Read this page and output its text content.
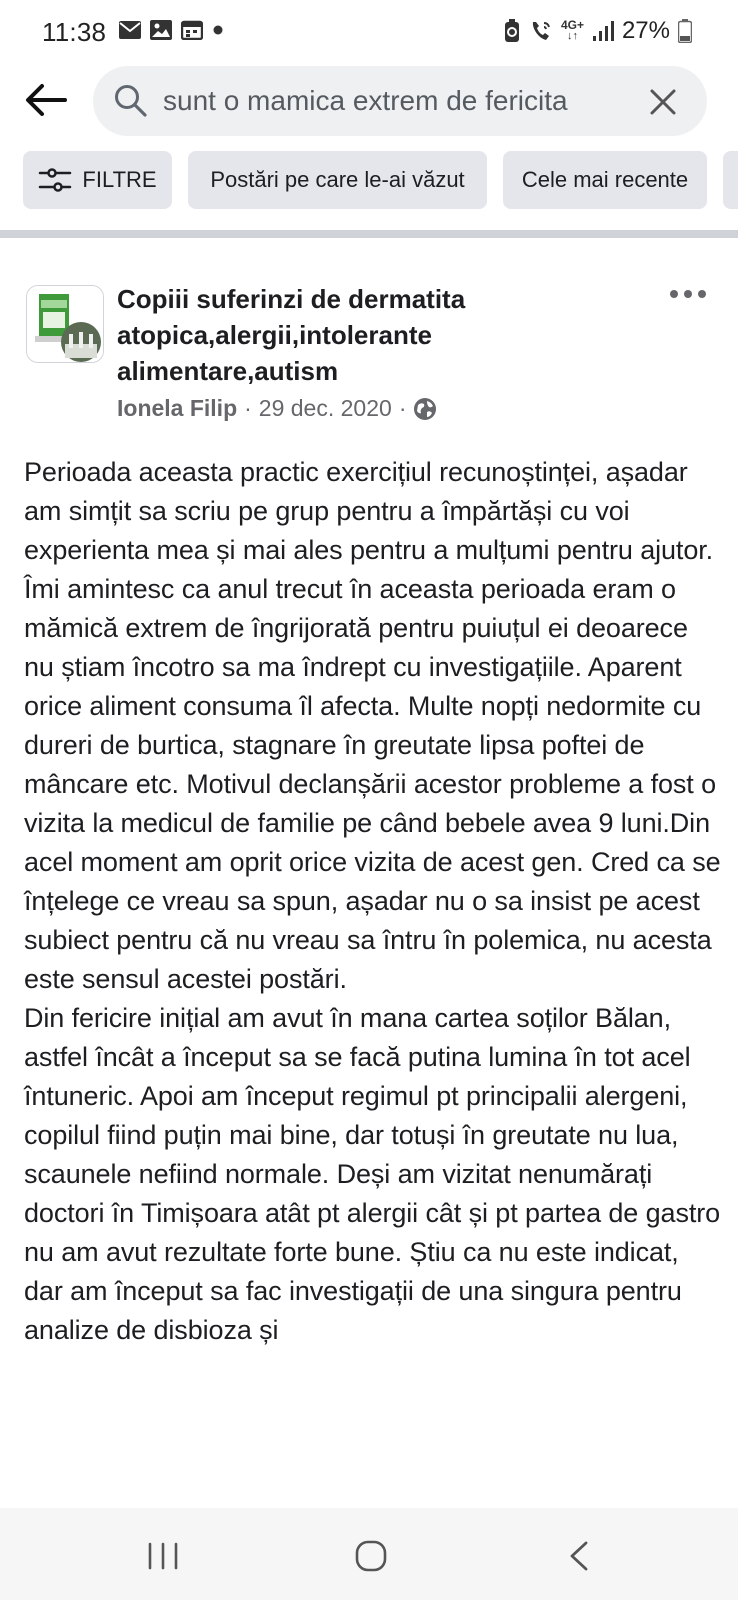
11:38	4G+
↓↑ 27%
sunt o mamica extrem de fericita
FILTRE Postări pe care le-ai văzut	Cele mai recente
Copiii suferinzi de dermatita atopica,alergii,intolerante alimentare,autism
Ionela Filip · 29 dec. 2020 ·

Perioada aceasta practic exercițiul recunoștinței, așadar am simțit sa scriu pe grup pentru a împărtăși cu voi experienta mea și mai ales pentru a mulțumi pentru ajutor.

Îmi amintesc ca anul trecut în aceasta perioada eram o mămică extrem de îngrijorată pentru puiuțul ei deoarece nu știam încotro sa ma îndrept cu investigațiile. Aparent orice aliment consuma îl afecta. Multe nopți nedormite cu dureri de burtica, stagnare în greutate lipsa poftei de mâncare etc. Motivul declanșării acestor probleme a fost o vizita la medicul de familie pe când bebele avea 9 luni.Din acel moment am oprit orice vizita de acest gen. Cred ca se înțelege ce vreau sa spun, așadar nu o sa insist pe acest subiect pentru că nu vreau sa întru în polemica, nu acesta este sensul acestei postări.

Din fericire inițial am avut în mana cartea soților Bălan, astfel încât a început sa se facă putina lumina în tot acel întuneric. Apoi am început regimul pt principalii alergeni, copilul fiind puțin mai bine, dar totuși în greutate nu lua, scaunele nefiind normale. Deși am vizitat nenumărați doctori în Timișoara atât pt alergii cât și pt partea de gastro nu am avut rezultate forte bune. Știu ca nu este indicat, dar am început sa fac investigații de una singura pentru analize de disbioza și
